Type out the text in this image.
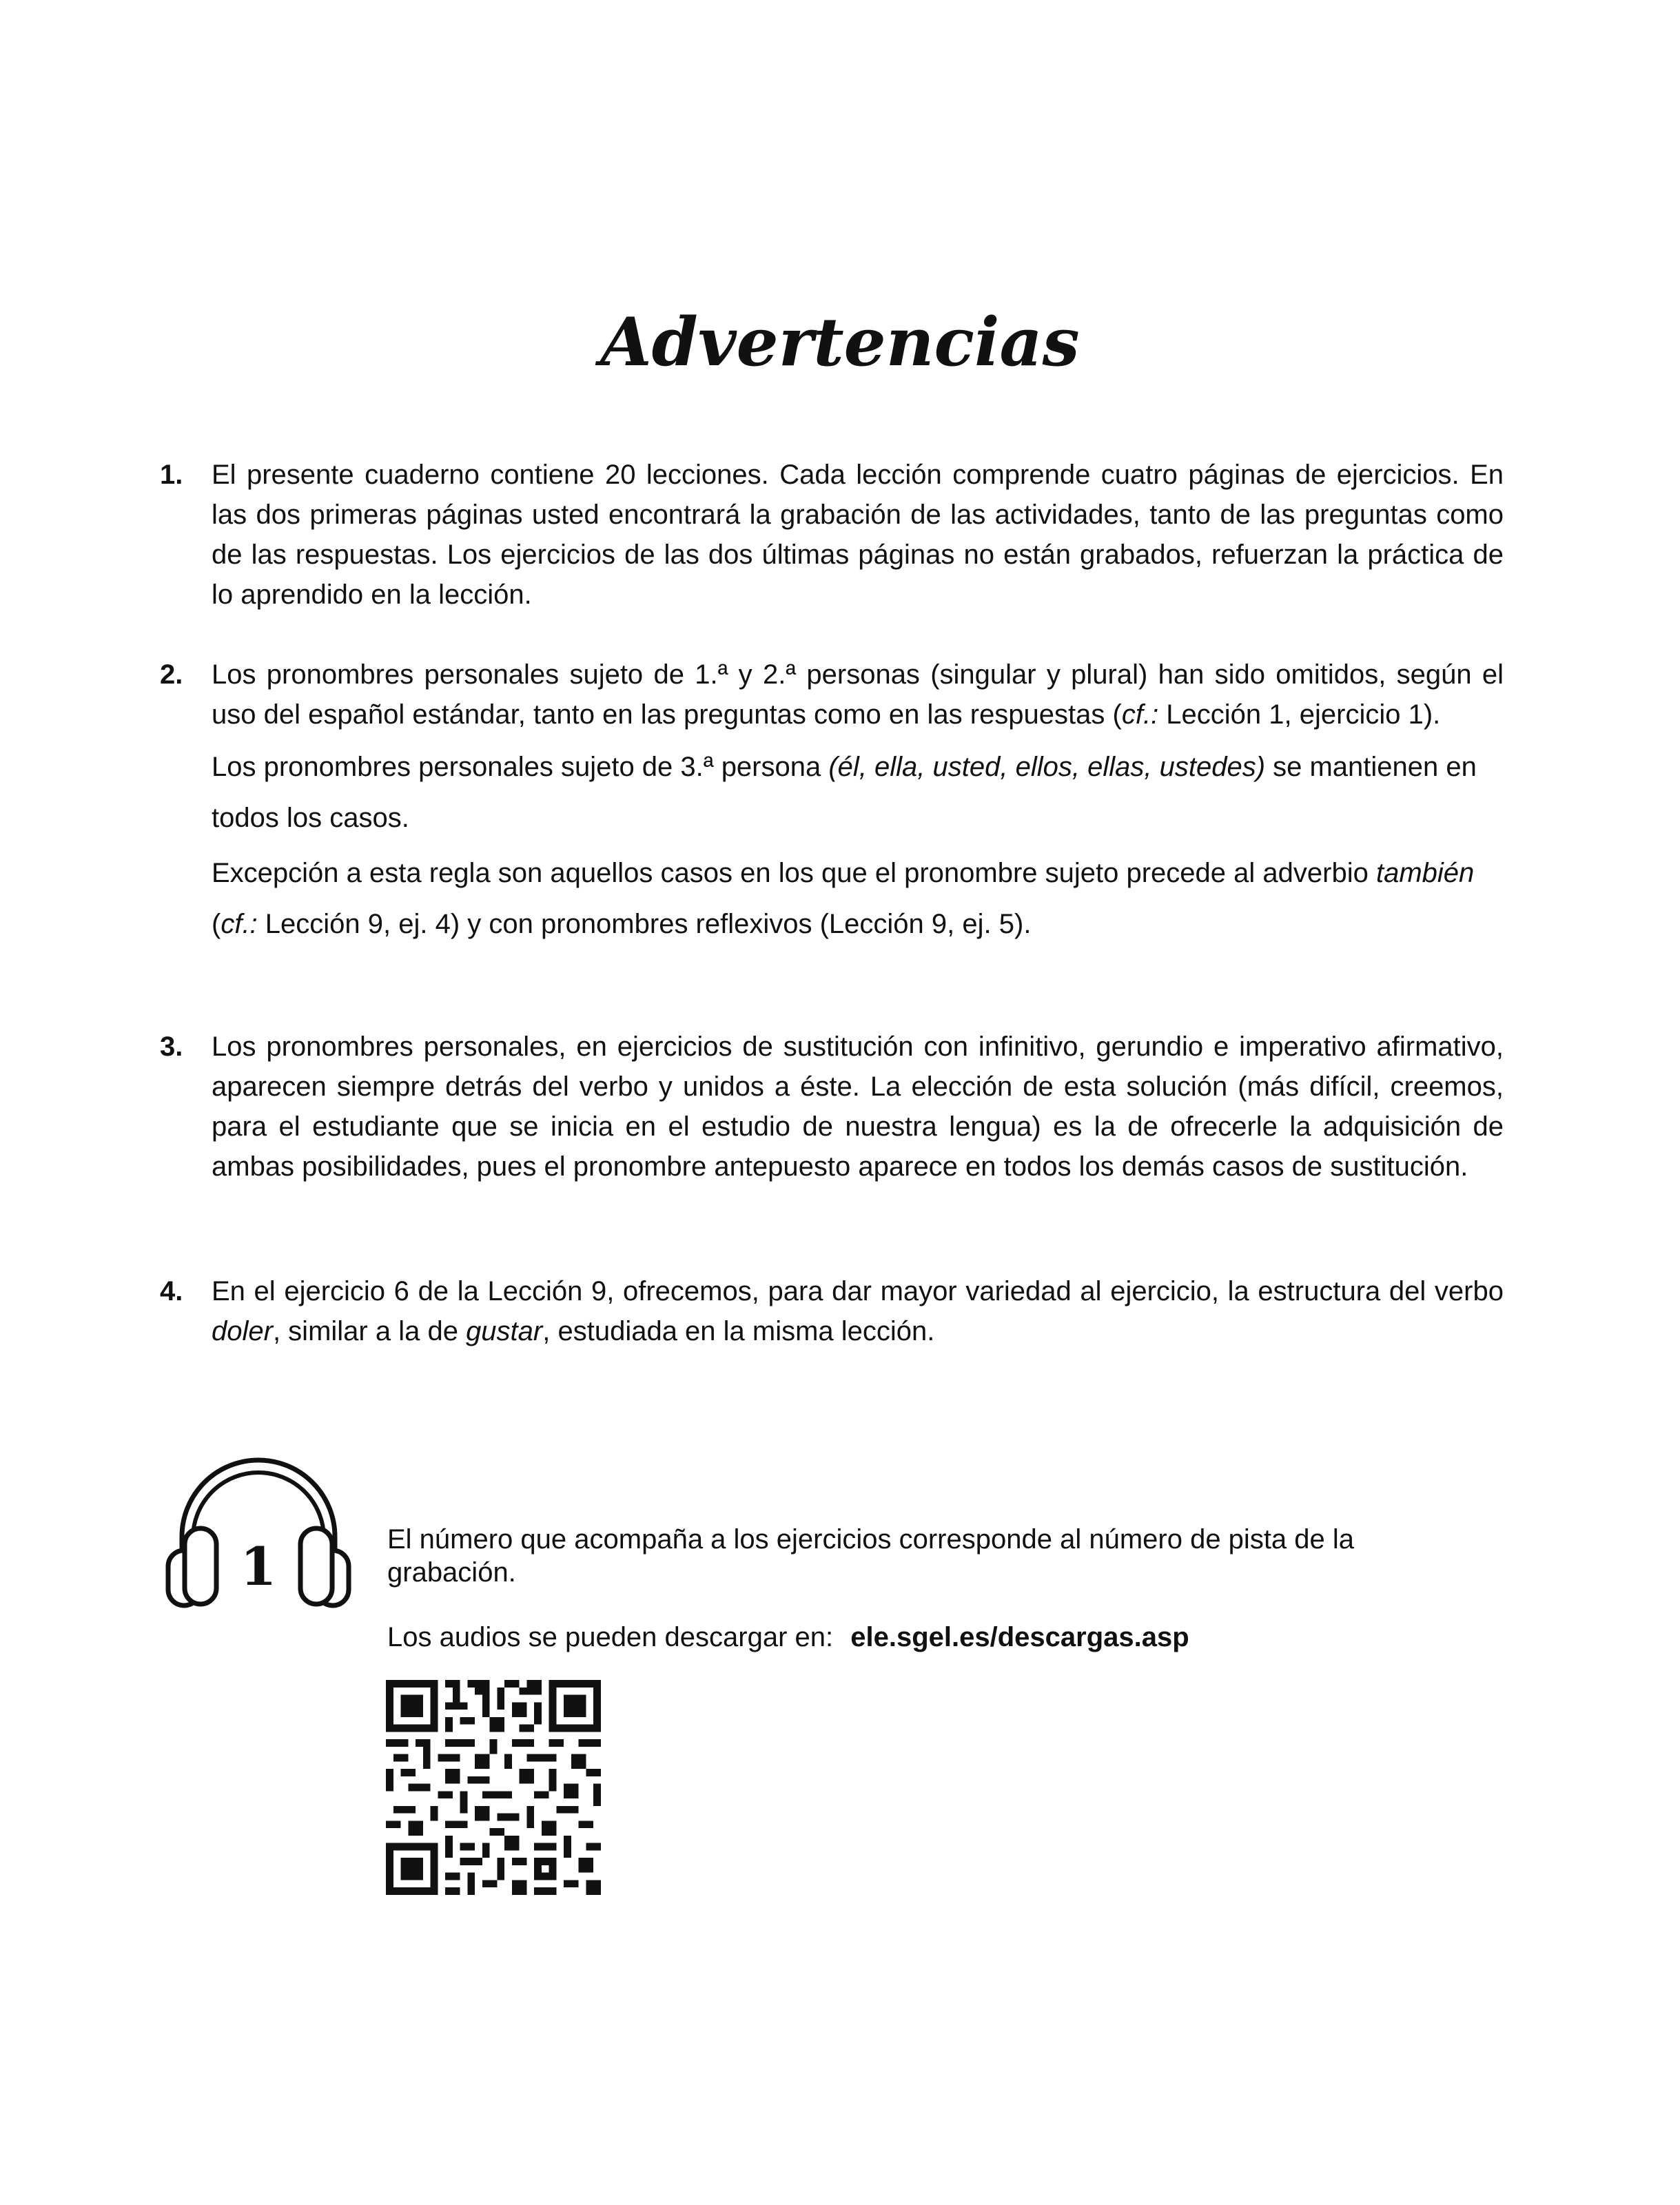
Advertencias
1. El presente cuaderno contiene 20 lecciones. Cada lección comprende cuatro páginas de ejercicios. En las dos primeras páginas usted encontrará la grabación de las actividades, tanto de las preguntas como de las respuestas. Los ejercicios de las dos últimas páginas no están grabados, refuerzan la práctica de lo aprendido en la lección.

2. Los pronombres personales sujeto de 1.ª y 2.ª personas (singular y plural) han sido omitidos, según el uso del español estándar, tanto en las preguntas como en las respuestas (cf.: Lección 1, ejercicio 1).

Los pronombres personales sujeto de 3.ª persona (él, ella, usted, ellos, ellas, ustedes) se mantienen en todos los casos.

Excepción a esta regla son aquellos casos en los que el pronombre sujeto precede al adverbio también (cf.: Lección 9, ej. 4) y con pronombres reflexivos (Lección 9, ej. 5).

3. Los pronombres personales, en ejercicios de sustitución con infinitivo, gerundio e imperativo afirmativo, aparecen siempre detrás del verbo y unidos a éste. La elección de esta solución (más difícil, creemos, para el estudiante que se inicia en el estudio de nuestra lengua) es la de ofrecerle la adquisición de ambas posibilidades, pues el pronombre antepuesto aparece en todos los demás casos de sustitución.

4. En el ejercicio 6 de la Lección 9, ofrecemos, para dar mayor variedad al ejercicio, la estructura del verbo doler, similar a la de gustar, estudiada en la misma lección.

1	El número que acompaña a los ejercicios corresponde al número de pista de la grabación.
Los audios se pueden descargar en: ele.sgel.es/descargas.asp
